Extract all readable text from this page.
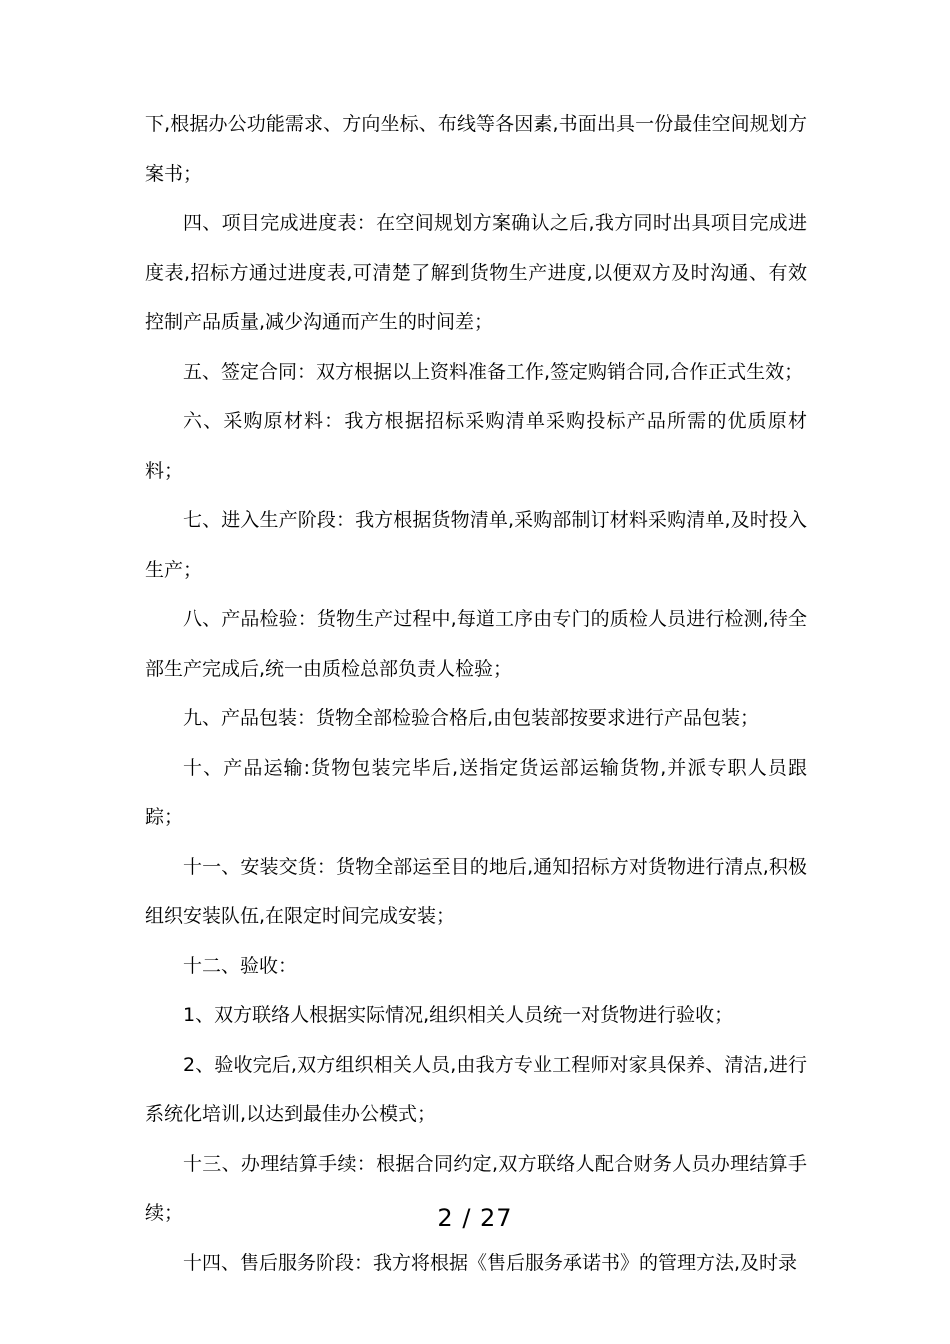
下,根据办公功能需求、方向坐标、布线等各因素,书面出具一份最佳空间规划方案书；

四、项目完成进度表：在空间规划方案确认之后,我方同时出具项目完成进度表,招标方通过进度表,可清楚了解到货物生产进度,以便双方及时沟通、有效控制产品质量,减少沟通而产生的时间差；

五、签定合同：双方根据以上资料准备工作,签定购销合同,合作正式生效；

六、采购原材料：我方根据招标采购清单采购投标产品所需的优质原材料；

七、进入生产阶段：我方根据货物清单,采购部制订材料采购清单,及时投入生产；

八、产品检验：货物生产过程中,每道工序由专门的质检人员进行检测,待全部生产完成后,统一由质检总部负责人检验；

九、产品包装：货物全部检验合格后,由包装部按要求进行产品包装；

十、产品运输:货物包装完毕后,送指定货运部运输货物,并派专职人员跟踪；

十一、安装交货：货物全部运至目的地后,通知招标方对货物进行清点,积极组织安装队伍,在限定时间完成安装；

十二、验收：

1、双方联络人根据实际情况,组织相关人员统一对货物进行验收；

2、验收完后,双方组织相关人员,由我方专业工程师对家具保养、清洁,进行系统化培训,以达到最佳办公模式；

十三、办理结算手续：根据合同约定,双方联络人配合财务人员办理结算手续；

十四、售后服务阶段：我方将根据《售后服务承诺书》的管理方法,及时录

2 / 27
